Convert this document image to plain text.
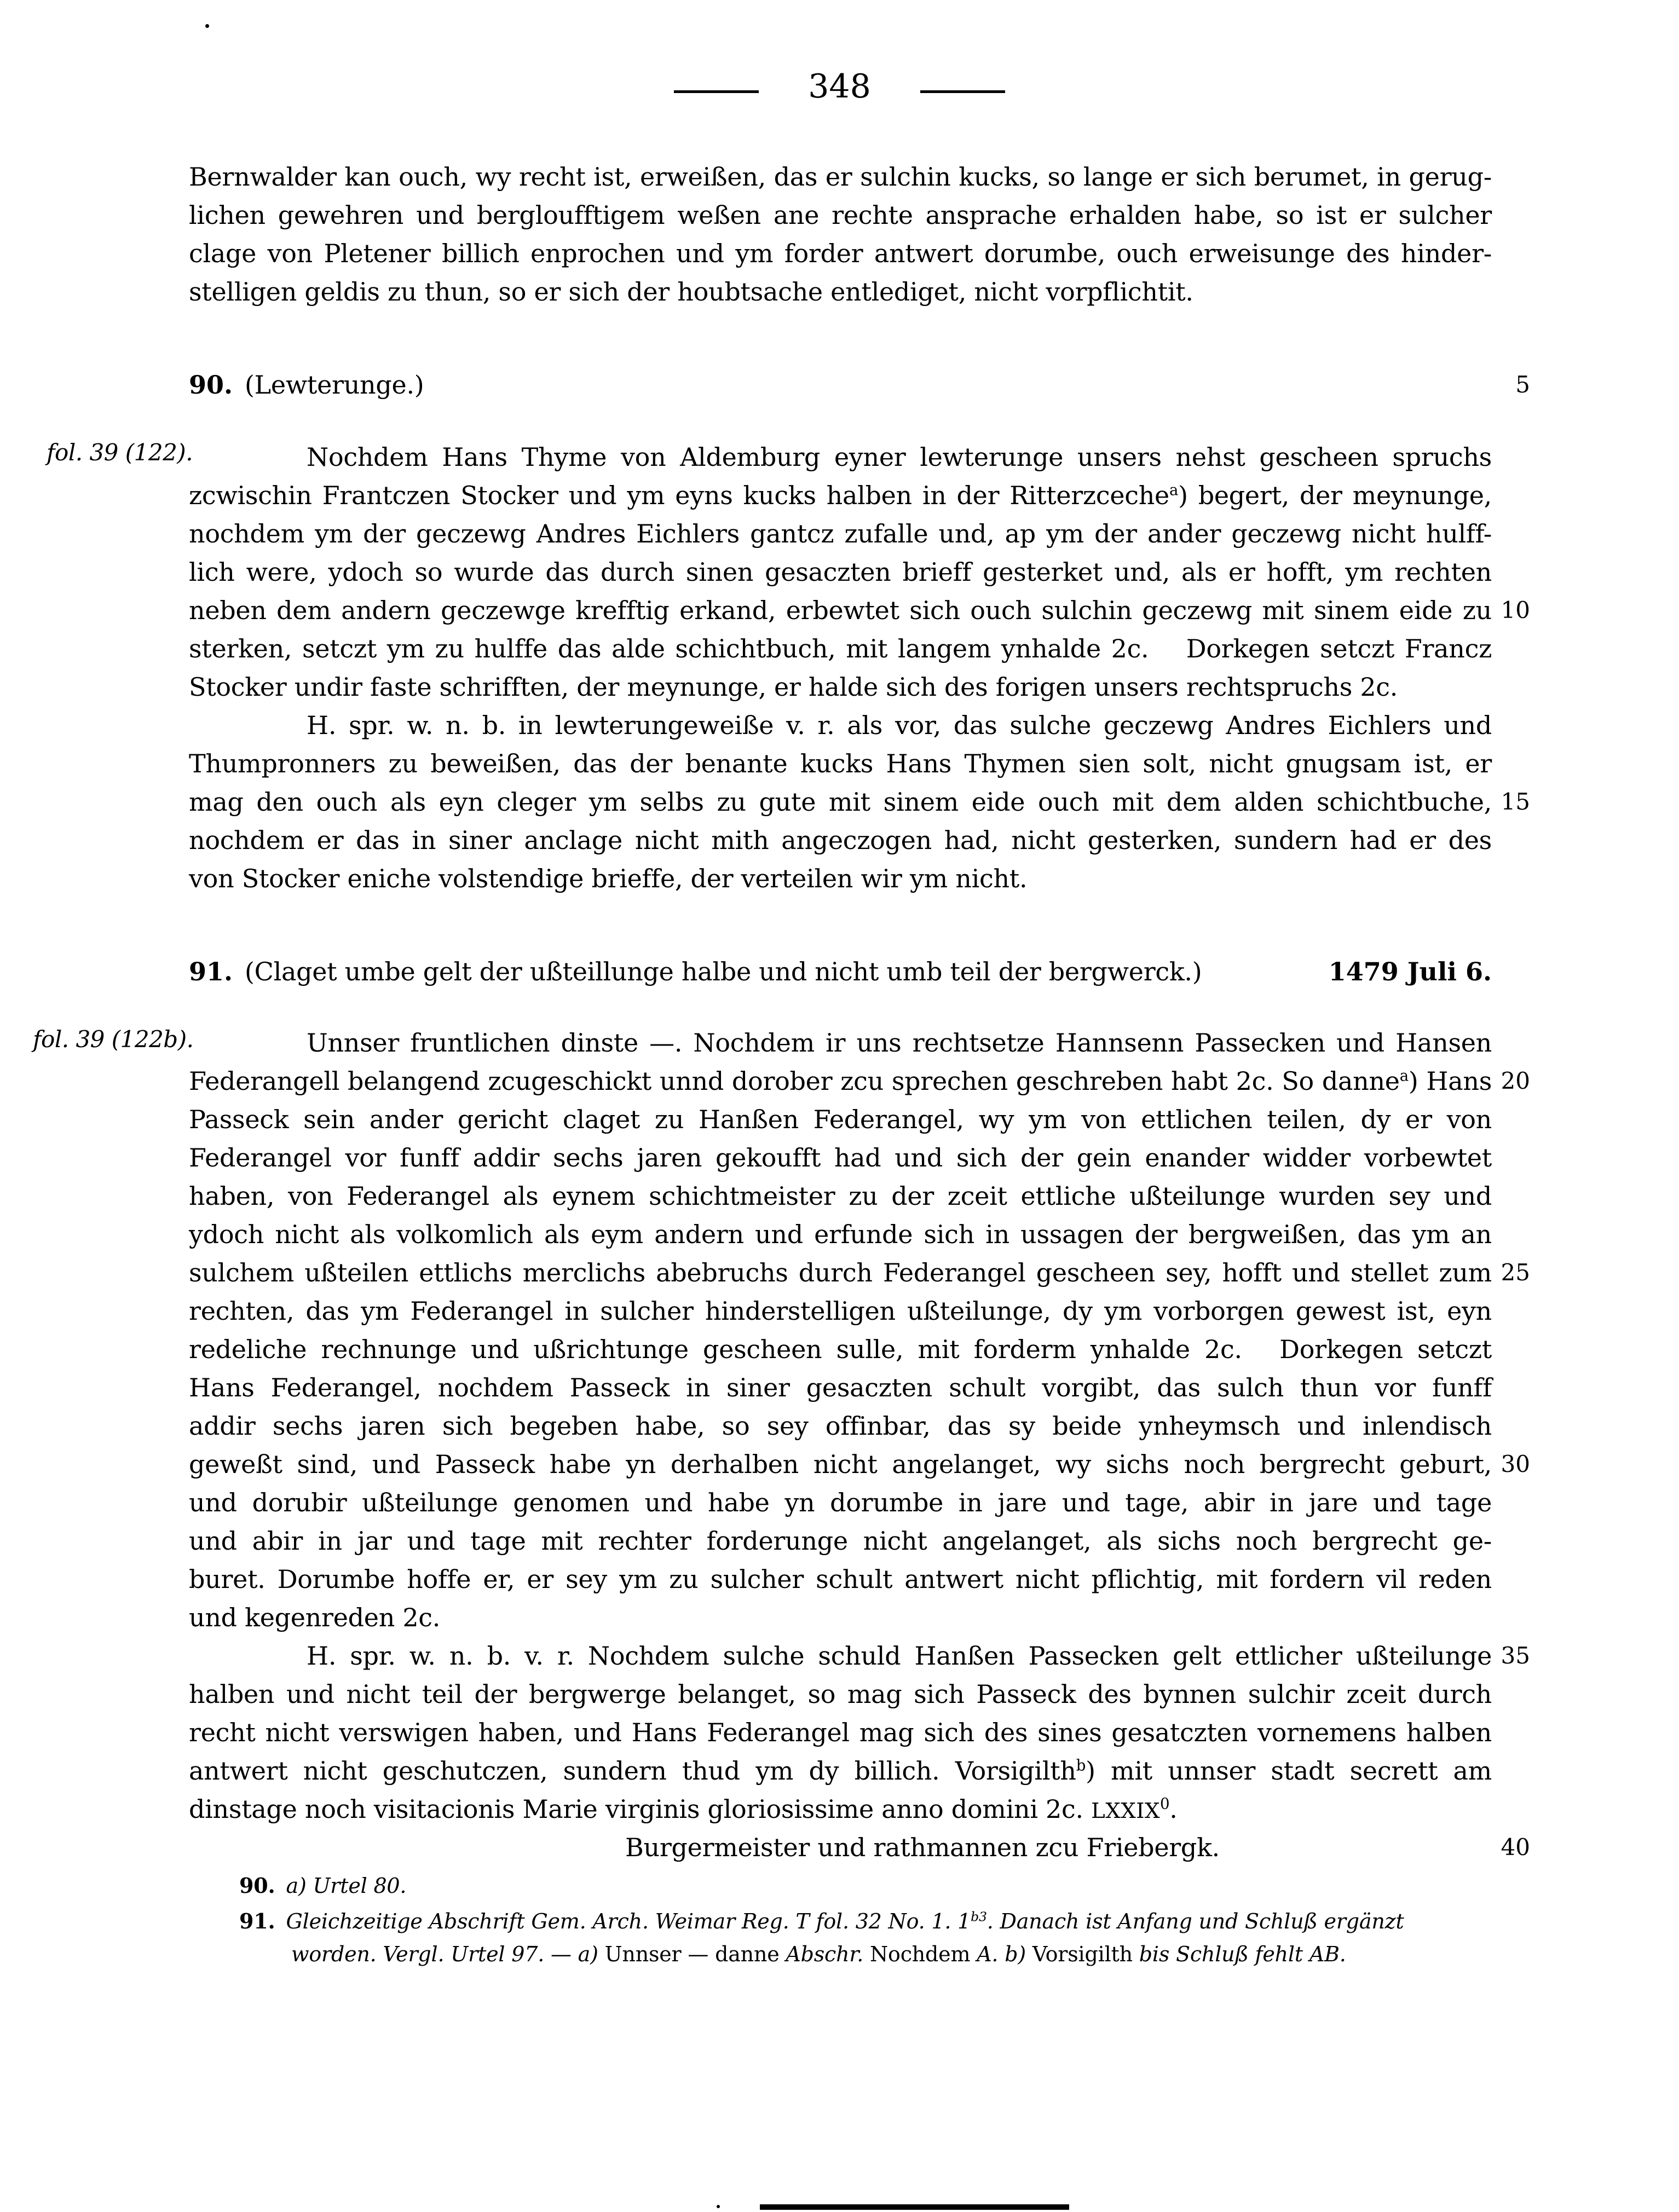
348
Bernwalder kan ouch, wy recht ist, erweißen, das er sulchin kucks, so lange er sich berumet, in gerug-
lichen gewehren und bergloufftigem weßen ane rechte ansprache erhalden habe, so ist er sulcher
clage von Pletener billich enprochen und ym forder antwert dorumbe, ouch erweisunge des hinder-
stelligen geldis zu thun, so er sich der houbtsache entlediget, nicht vorpflichtit.
90. (Lewterunge.)
fol. 39 (122).	Nochdem Hans Thyme von Aldemburg eyner lewterunge unsers nehst gescheen spruchs
zcwischin Frantczen Stocker und ym eyns kucks halben in der Ritterzceche$^a$) begert, der meynunge,
nochdem ym der geczewg Andres Eichlers gantcz zufalle und, ap ym der ander geczewg nicht hulff-
lich were, ydoch so wurde das durch sinen gesaczten brieff gesterket und, als er hofft, ym rechten
neben dem andern geczewge krefftig erkand, erbewtet sich ouch sulchin geczewg mit sinem eide zu
sterken, setczt ym zu hulffe das alde schichtbuch, mit langem ynhalde 2c.  Dorkegen setczt Francz
Stocker undir faste schrifften, der meynunge, er halde sich des forigen unsers rechtspruchs 2c.
H. spr. w. n. b. in lewterungeweiße v. r. als vor, das sulche geczewg Andres Eichlers und
Thumpronners zu beweißen, das der benante kucks Hans Thymen sien solt, nicht gnugsam ist, er
mag den ouch als eyn cleger ym selbs zu gute mit sinem eide ouch mit dem alden schichtbuche,
nochdem er das in siner anclage nicht mith angeczogen had, nicht gesterken, sundern had er des
von Stocker eniche volstendige brieffe, der verteilen wir ym nicht.
91. (Claget umbe gelt der ußteillunge halbe und nicht umb teil der bergwerck.)	1479 Juli 6.
fol. 39 (122b).	Unnser fruntlichen dinste —. Nochdem ir uns rechtsetze Hannsenn Passecken und Hansen
Federangell belangend zcugeschickt unnd dorober zcu sprechen geschreben habt 2c. So danne$^a$) Hans
Passeck sein ander gericht claget zu Hanßen Federangel, wy ym von ettlichen teilen, dy er von
Federangel vor funff addir sechs jaren gekoufft had und sich der gein enander widder vorbewtet
haben, von Federangel als eynem schichtmeister zu der zceit ettliche ußteilunge wurden sey und
ydoch nicht als volkomlich als eym andern und erfunde sich in ussagen der bergweißen, das ym an
sulchem ußteilen ettlichs merclichs abebruchs durch Federangel gescheen sey, hofft und stellet zum
rechten, das ym Federangel in sulcher hinderstelligen ußteilunge, dy ym vorborgen gewest ist, eyn
redeliche rechnunge und ußrichtunge gescheen sulle, mit forderm ynhalde 2c.  Dorkegen setczt
Hans Federangel, nochdem Passeck in siner gesaczten schult vorgibt, das sulch thun vor funff
addir sechs jaren sich begeben habe, so sey offinbar, das sy beide ynheymsch und inlendisch
geweßt sind, und Passeck habe yn derhalben nicht angelanget, wy sichs noch bergrecht geburt,
und dorubir ußteilunge genomen und habe yn dorumbe in jare und tage, abir in jare und tage
und abir in jar und tage mit rechter forderunge nicht angelanget, als sichs noch bergrecht ge-
buret. Dorumbe hoffe er, er sey ym zu sulcher schult antwert nicht pflichtig, mit fordern vil reden
und kegenreden 2c.
H. spr. w. n. b. v. r. Nochdem sulche schuld Hanßen Passecken gelt ettlicher ußteilunge
halben und nicht teil der bergwerge belanget, so mag sich Passeck des bynnen sulchir zceit durch
recht nicht verswigen haben, und Hans Federangel mag sich des sines gesatczten vornemens halben
antwert nicht geschutczen, sundern thud ym dy billich. Vorsigilth$^b$) mit unnser stadt secrett am
dinstage noch visitacionis Marie virginis gloriosissime anno domini 2c. LXXIX$^0$.
Burgermeister und rathmannen zcu Friebergk.
5
10
15
20
25
30
35
40
90. a) Urtel 80.
91. Gleichzeitige Abschrift Gem. Arch. Weimar Reg. T fol. 32 No. 1. 1$^{b3}$. Danach ist Anfang und Schluß ergänzt worden. Vergl. Urtel 97. — a) Unnser — danne Abschr. Nochdem A. b) Vorsigilth bis Schluß fehlt AB.
